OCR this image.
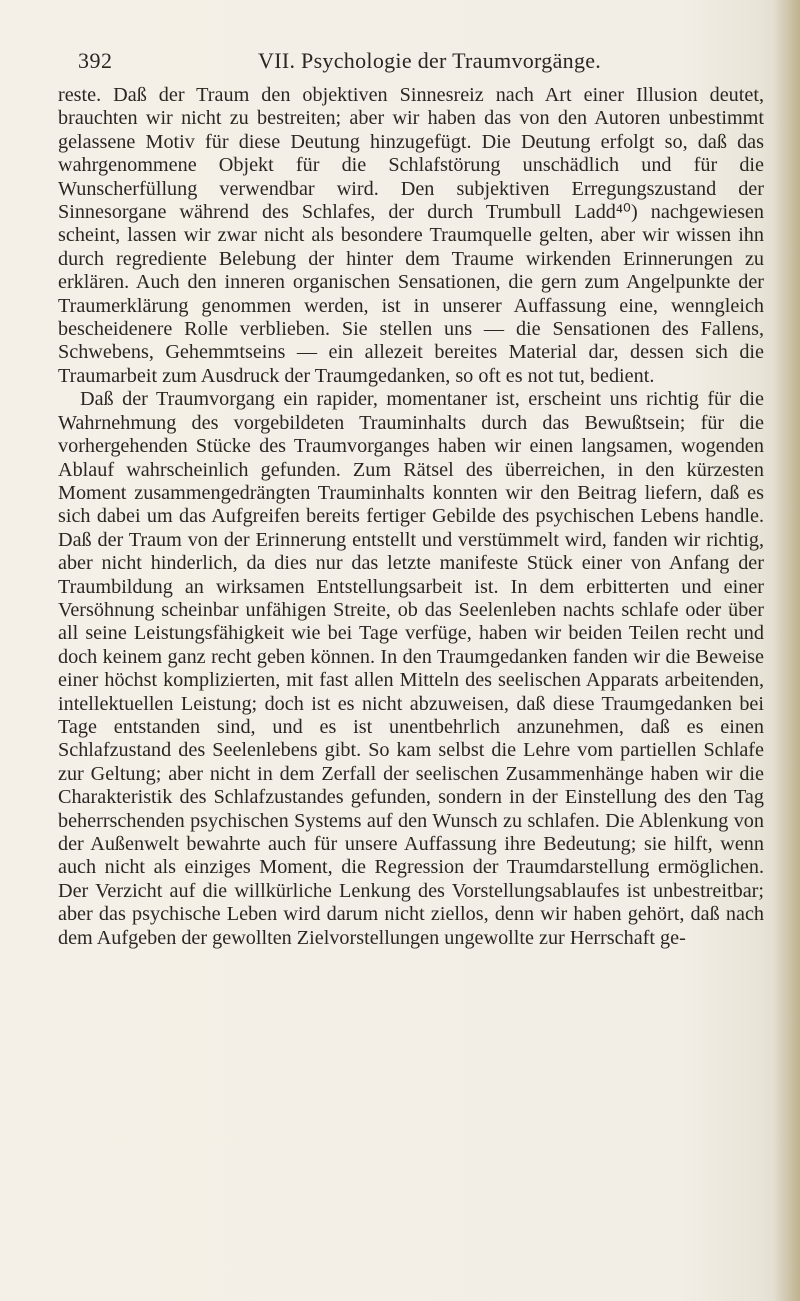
392	VII. Psychologie der Traumvorgänge.

reste. Daß der Traum den objektiven Sinnesreiz nach Art einer Illusion deutet, brauchten wir nicht zu bestreiten; aber wir haben das von den Autoren unbestimmt gelassene Motiv für diese Deutung hinzugefügt. Die Deutung erfolgt so, daß das wahrgenommene Objekt für die Schlafstörung unschädlich und für die Wunscherfüllung verwendbar wird. Den subjektiven Erregungszustand der Sinnesorgane während des Schlafes, der durch Trumbull Ladd⁴⁰) nachgewiesen scheint, lassen wir zwar nicht als besondere Traumquelle gelten, aber wir wissen ihn durch regrediente Belebung der hinter dem Traume wirkenden Erinnerungen zu erklären. Auch den inneren organischen Sensationen, die gern zum Angelpunkte der Traumerklärung genommen werden, ist in unserer Auffassung eine, wenngleich bescheidenere Rolle verblieben. Sie stellen uns — die Sensationen des Fallens, Schwebens, Gehemmtseins — ein allezeit bereites Material dar, dessen sich die Traumarbeit zum Ausdruck der Traumgedanken, so oft es not tut, bedient.

Daß der Traumvorgang ein rapider, momentaner ist, erscheint uns richtig für die Wahrnehmung des vorgebildeten Trauminhalts durch das Bewußtsein; für die vorhergehenden Stücke des Traumvorganges haben wir einen langsamen, wogenden Ablauf wahrscheinlich gefunden. Zum Rätsel des überreichen, in den kürzesten Moment zusammengedrängten Trauminhalts konnten wir den Beitrag liefern, daß es sich dabei um das Aufgreifen bereits fertiger Gebilde des psychischen Lebens handle. Daß der Traum von der Erinnerung entstellt und verstümmelt wird, fanden wir richtig, aber nicht hinderlich, da dies nur das letzte manifeste Stück einer von Anfang der Traumbildung an wirksamen Entstellungsarbeit ist. In dem erbitterten und einer Versöhnung scheinbar unfähigen Streite, ob das Seelenleben nachts schlafe oder über all seine Leistungsfähigkeit wie bei Tage verfüge, haben wir beiden Teilen recht und doch keinem ganz recht geben können. In den Traumgedanken fanden wir die Beweise einer höchst komplizierten, mit fast allen Mitteln des seelischen Apparats arbeitenden, intellektuellen Leistung; doch ist es nicht abzuweisen, daß diese Traumgedanken bei Tage entstanden sind, und es ist unentbehrlich anzunehmen, daß es einen Schlafzustand des Seelenlebens gibt. So kam selbst die Lehre vom partiellen Schlafe zur Geltung; aber nicht in dem Zerfall der seelischen Zusammenhänge haben wir die Charakteristik des Schlafzustandes gefunden, sondern in der Einstellung des den Tag beherrschenden psychischen Systems auf den Wunsch zu schlafen. Die Ablenkung von der Außenwelt bewahrte auch für unsere Auffassung ihre Bedeutung; sie hilft, wenn auch nicht als einziges Moment, die Regression der Traumdarstellung ermöglichen. Der Verzicht auf die willkürliche Lenkung des Vorstellungsablaufes ist unbestreitbar; aber das psychische Leben wird darum nicht ziellos, denn wir haben gehört, daß nach dem Aufgeben der gewollten Zielvorstellungen ungewollte zur Herrschaft ge-
